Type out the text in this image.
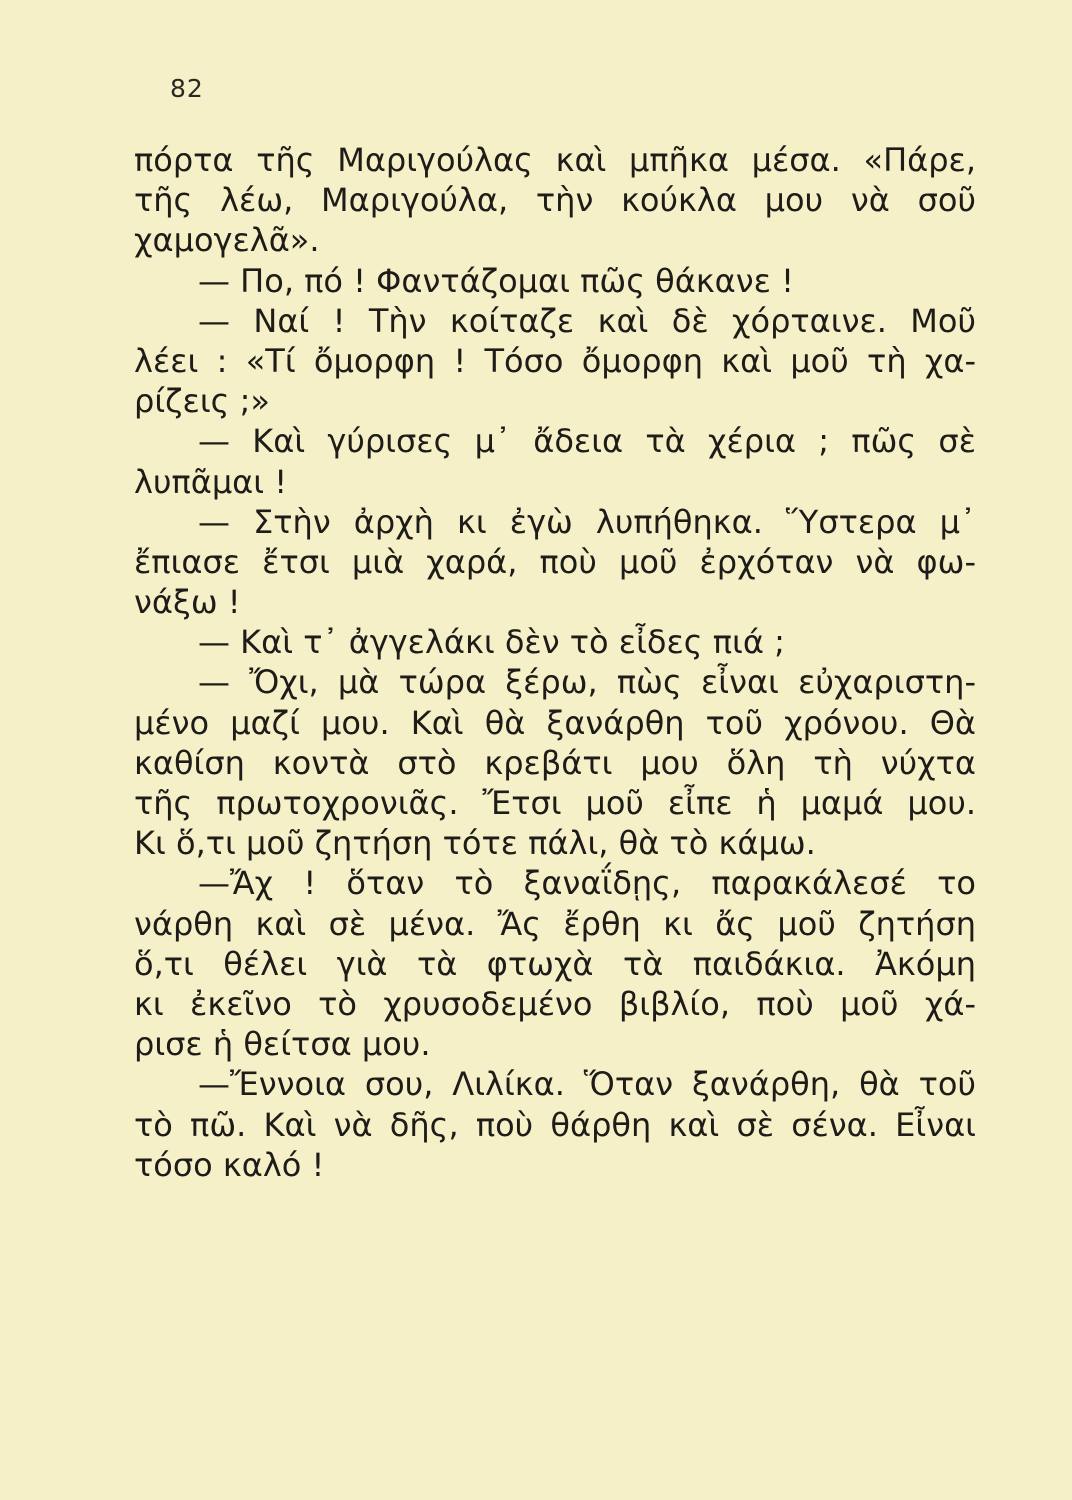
82
πόρτα τῆς Μαριγούλας καὶ μπῆκα μέσα. «Πάρε,
τῆς λέω, Μαριγούλα, τὴν κούκλα μου νὰ σοῦ
χαμογελᾶ».
— Πο, πό ! Φαντάζομαι πῶς θάκανε !
— Ναί ! Τὴν κοίταζε καὶ δὲ χόρταινε. Μοῦ
λέει : «Τί ὄμορφη ! Τόσο ὄμορφη καὶ μοῦ τὴ χα-
ρίζεις ;»
— Καὶ γύρισες μ᾿ ἄδεια τὰ χέρια ; πῶς σὲ
λυπᾶμαι !
— Στὴν ἀρχὴ κι ἐγὼ λυπήθηκα. Ὕστερα μ᾿
ἔπιασε ἔτσι μιὰ χαρά, ποὺ μοῦ ἐρχόταν νὰ φω-
νάξω !
— Καὶ τ᾿ ἀγγελάκι δὲν τὸ εἶδες πιά ;
— Ὄχι, μὰ τώρα ξέρω, πὼς εἶναι εὐχαριστη-
μένο μαζί μου. Καὶ θὰ ξανάρθη τοῦ χρόνου. Θὰ
καθίση κοντὰ στὸ κρεβάτι μου ὅλη τὴ νύχτα
τῆς πρωτοχρονιᾶς. Ἔτσι μοῦ εἶπε ἡ μαμά μου.
Κι ὅ,τι μοῦ ζητήση τότε πάλι, θὰ τὸ κάμω.
—Ἄχ ! ὅταν τὸ ξαναΐδῃς, παρακάλεσέ το
νάρθη καὶ σὲ μένα. Ἄς ἔρθη κι ἄς μοῦ ζητήση
ὅ,τι θέλει γιὰ τὰ φτωχὰ τὰ παιδάκια. Ἀκόμη
κι ἐκεῖνο τὸ χρυσοδεμένο βιβλίο, ποὺ μοῦ χά-
ρισε ἡ θείτσα μου.
—Ἔννοια σου, Λιλίκα. Ὅταν ξανάρθη, θὰ τοῦ
τὸ πῶ. Καὶ νὰ δῆς, ποὺ θάρθη καὶ σὲ σένα. Εἶναι
τόσο καλό !
